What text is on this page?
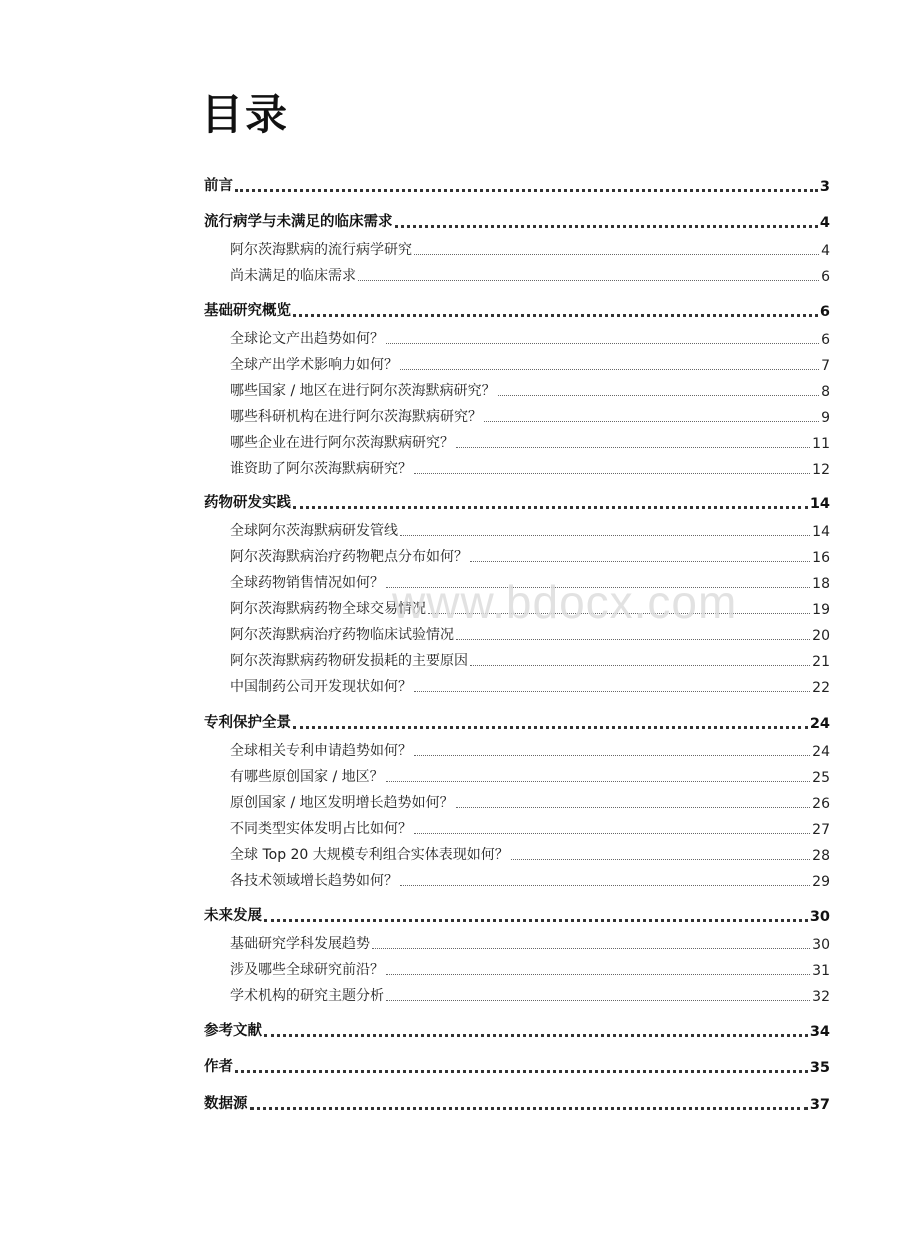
目录
前言	3
流行病学与未满足的临床需求	4
阿尔茨海默病的流行病学研究	4
尚未满足的临床需求	6
基础研究概览	6
全球论文产出趋势如何？	6
全球产出学术影响力如何？	7
哪些国家 / 地区在进行阿尔茨海默病研究？	8
哪些科研机构在进行阿尔茨海默病研究？	9
哪些企业在进行阿尔茨海默病研究？	11
谁资助了阿尔茨海默病研究？	12
药物研发实践	14
全球阿尔茨海默病研发管线	14
阿尔茨海默病治疗药物靶点分布如何？	16
全球药物销售情况如何？	18
阿尔茨海默病药物全球交易情况	19
阿尔茨海默病治疗药物临床试验情况	20
阿尔茨海默病药物研发损耗的主要原因	21
中国制药公司开发现状如何？	22
专利保护全景	24
全球相关专利申请趋势如何？	24
有哪些原创国家 / 地区？	25
原创国家 / 地区发明增长趋势如何？	26
不同类型实体发明占比如何？	27
全球 Top 20 大规模专利组合实体表现如何？	28
各技术领域增长趋势如何？	29
未来发展	30
基础研究学科发展趋势	30
涉及哪些全球研究前沿？	31
学术机构的研究主题分析	32
参考文献	34
作者	35
数据源	37
www.bdocx.com
